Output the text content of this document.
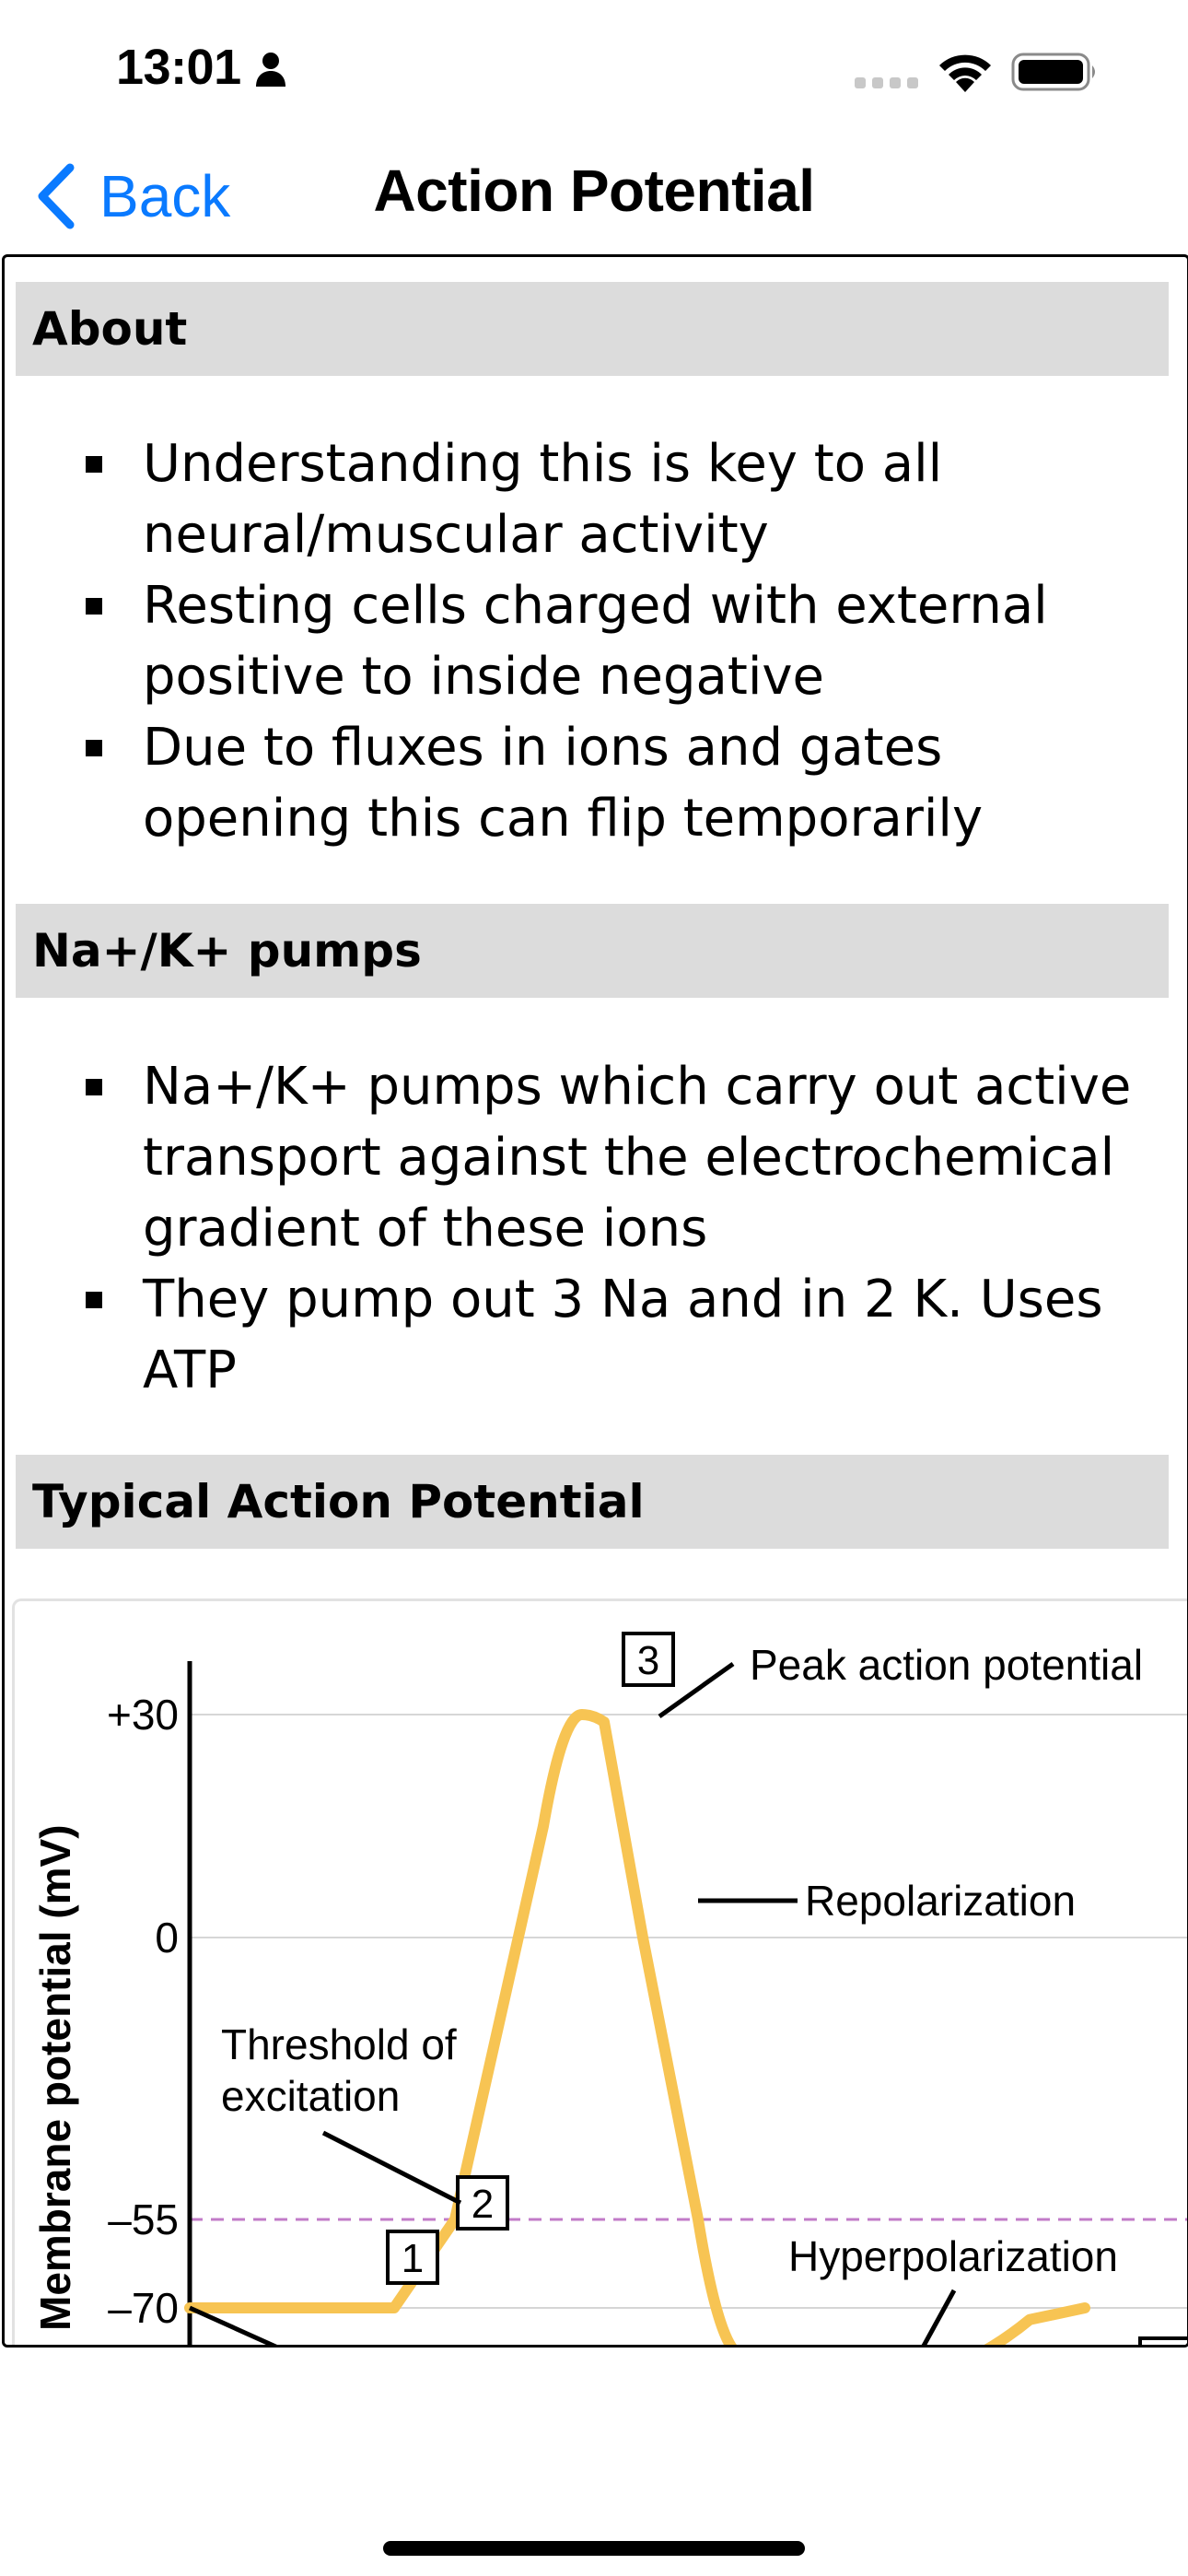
13:01
Back	Action Potential
About
Understanding this is key to all
neural/muscular activity
Resting cells charged with external
positive to inside negative
Due to fluxes in ions and gates
opening this can flip temporarily
Na+/K+ pumps
Na+/K+ pumps which carry out active
transport against the electrochemical
gradient of these ions
They pump out 3 Na and in 2 K. Uses
ATP
Typical Action Potential
+30
0
–55
–70
Membrane potential (mV)	1
2
3
Threshold of
excitation
Peak action potential
Repolarization
Hyperpolarization
